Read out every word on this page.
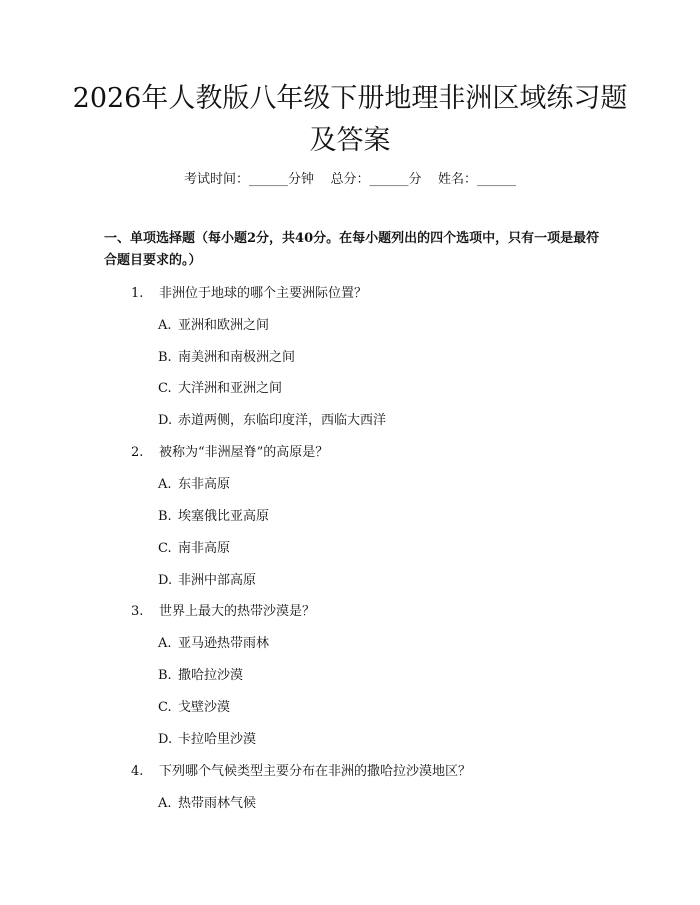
2026年人教版八年级下册地理非洲区域练习题及答案
考试时间：______分钟    总分：______分    姓名：______
一、单项选择题（每小题2分，共40分。在每小题列出的四个选项中，只有一项是最符合题目要求的。）
1. 非洲位于地球的哪个主要洲际位置？
A. 亚洲和欧洲之间
B. 南美洲和南极洲之间
C. 大洋洲和亚洲之间
D. 赤道两侧，东临印度洋，西临大西洋
2. 被称为“非洲屋脊”的高原是？
A. 东非高原
B. 埃塞俄比亚高原
C. 南非高原
D. 非洲中部高原
3. 世界上最大的热带沙漠是？
A. 亚马逊热带雨林
B. 撒哈拉沙漠
C. 戈壁沙漠
D. 卡拉哈里沙漠
4. 下列哪个气候类型主要分布在非洲的撒哈拉沙漠地区？
A. 热带雨林气候
